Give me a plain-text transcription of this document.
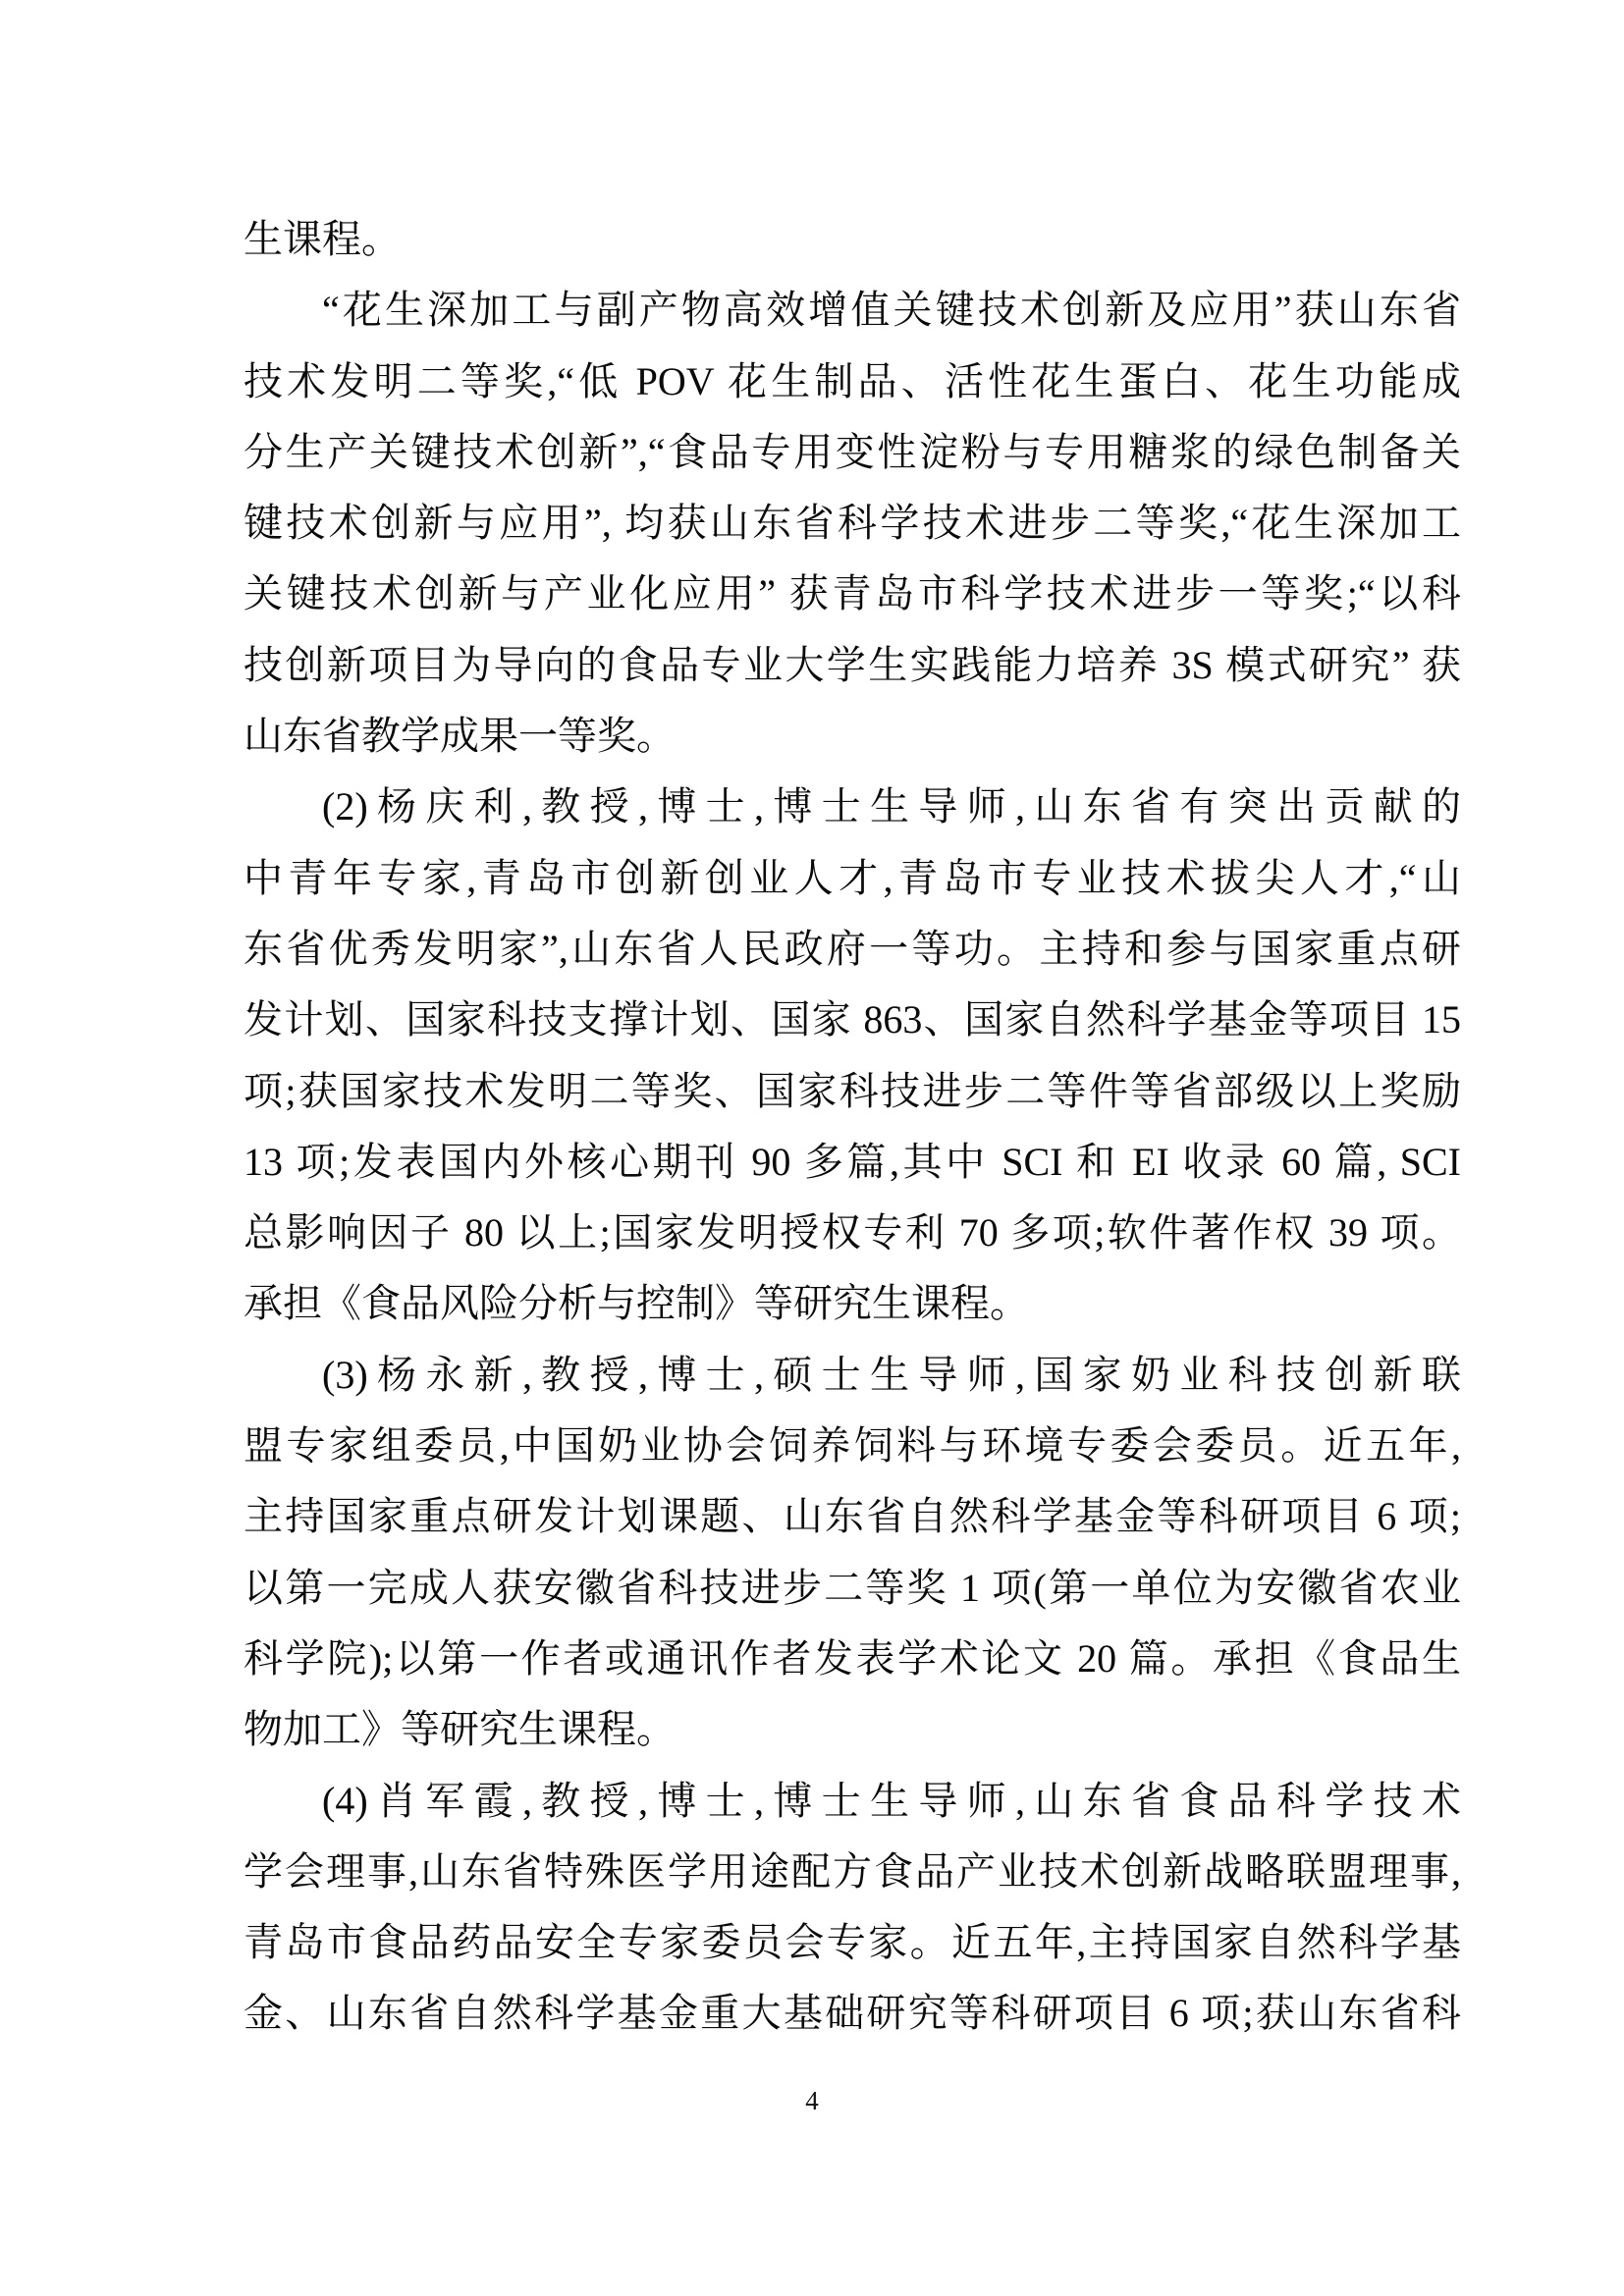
生课程。
“花生深加工与副产物高效增值关键技术创新及应用”获山东省
技术发明二等奖,“低 POV 花生制品、活性花生蛋白、花生功能成
分生产关键技术创新”,“食品专用变性淀粉与专用糖浆的绿色制备关
键技术创新与应用”, 均获山东省科学技术进步二等奖,“花生深加工
关键技术创新与产业化应用” 获青岛市科学技术进步一等奖;“以科
技创新项目为导向的食品专业大学生实践能力培养 3S 模式研究” 获
山东省教学成果一等奖。
(2)杨庆利,教授,博士,博士生导师,山东省有突出贡献的
中青年专家,青岛市创新创业人才,青岛市专业技术拔尖人才,“山
东省优秀发明家”,山东省人民政府一等功。主持和参与国家重点研
发计划、国家科技支撑计划、国家 863、国家自然科学基金等项目 15
项;获国家技术发明二等奖、国家科技进步二等件等省部级以上奖励
13 项;发表国内外核心期刊 90 多篇,其中 SCI 和 EI 收录 60 篇, SCI
总影响因子 80 以上;国家发明授权专利 70 多项;软件著作权 39 项。
承担《食品风险分析与控制》等研究生课程。
(3)杨永新,教授,博士,硕士生导师,国家奶业科技创新联
盟专家组委员,中国奶业协会饲养饲料与环境专委会委员。近五年,
主持国家重点研发计划课题、山东省自然科学基金等科研项目 6 项;
以第一完成人获安徽省科技进步二等奖 1 项(第一单位为安徽省农业
科学院);以第一作者或通讯作者发表学术论文 20 篇。承担《食品生
物加工》等研究生课程。
(4)肖军霞,教授,博士,博士生导师,山东省食品科学技术
学会理事,山东省特殊医学用途配方食品产业技术创新战略联盟理事,
青岛市食品药品安全专家委员会专家。近五年,主持国家自然科学基
金、山东省自然科学基金重大基础研究等科研项目 6 项;获山东省科
4
